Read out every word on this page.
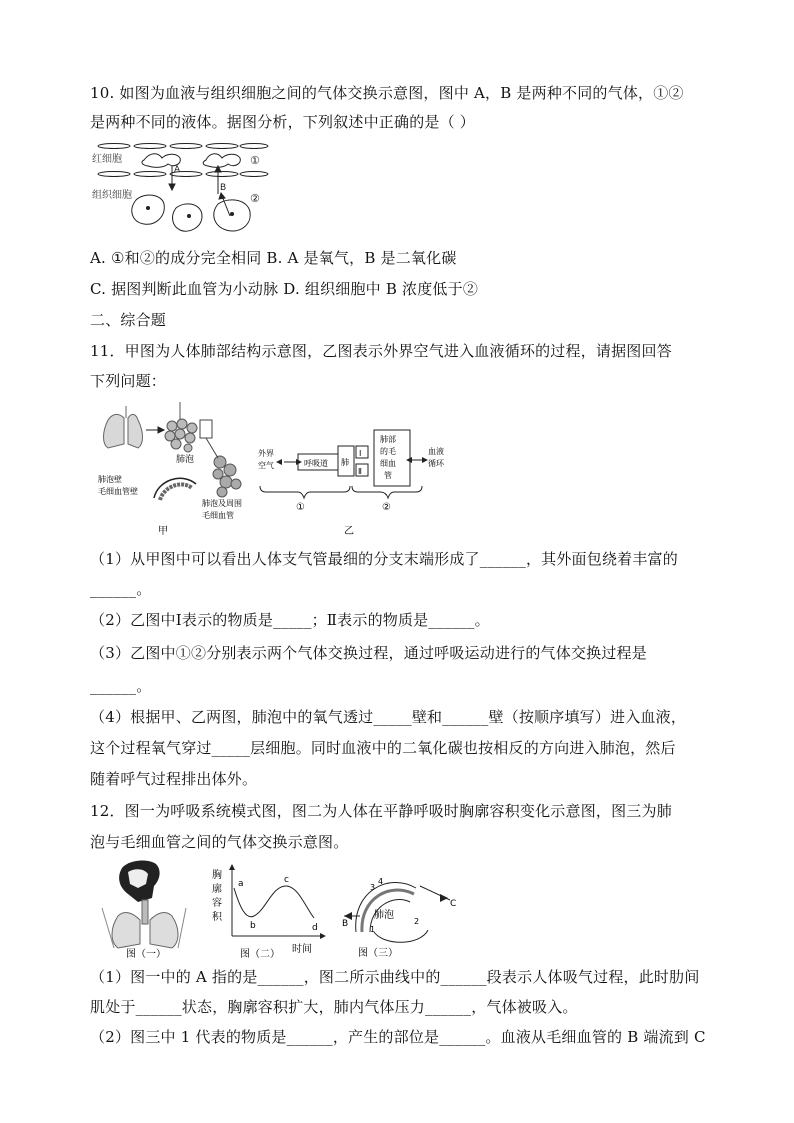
10. 如图为血液与组织细胞之间的气体交换示意图，图中 A，B 是两种不同的气体，①②
是两种不同的液体。据图分析，下列叙述中正确的是（ ）
红细胞
组织细胞
A
B
①
②
A. ①和②的成分完全相同 B. A 是氧气，B 是二氧化碳
C. 据图判断此血管为小动脉 D. 组织细胞中 B 浓度低于②
二、综合题
11．甲图为人体肺部结构示意图，乙图表示外界空气进入血液循环的过程，请据图回答
下列问题：
肺泡
肺泡壁
毛细血管壁
肺泡及周围
毛细血管
甲
外界
空气	呼吸道 肺
Ⅰ
Ⅱ
肺部
的毛
细血
管
血液
循环
①	②
乙
（1）从甲图中可以看出人体支气管最细的分支末端形成了______，其外面包绕着丰富的
______。
（2）乙图中Ⅰ表示的物质是_____；Ⅱ表示的物质是______。
（3）乙图中①②分别表示两个气体交换过程，通过呼吸运动进行的气体交换过程是
______。
（4）根据甲、乙两图，肺泡中的氧气透过_____壁和______壁（按顺序填写）进入血液，
这个过程氧气穿过_____层细胞。同时血液中的二氧化碳也按相反的方向进入肺泡，然后
随着呼气过程排出体外。
12．图一为呼吸系统模式图，图二为人体在平静呼吸时胸廓容积变化示意图，图三为肺
泡与毛细血管之间的气体交换示意图。
图（一）
胸
廓
容
积
a
b
c
d
时间
图（二）
肺泡
B
C
1
2
3
4
图（三）
（1）图一中的 A 指的是______，图二所示曲线中的______段表示人体吸气过程，此时肋间
肌处于______状态，胸廓容积扩大，肺内气体压力______，气体被吸入。
（2）图三中 1 代表的物质是______，产生的部位是______。血液从毛细血管的 B 端流到 C
